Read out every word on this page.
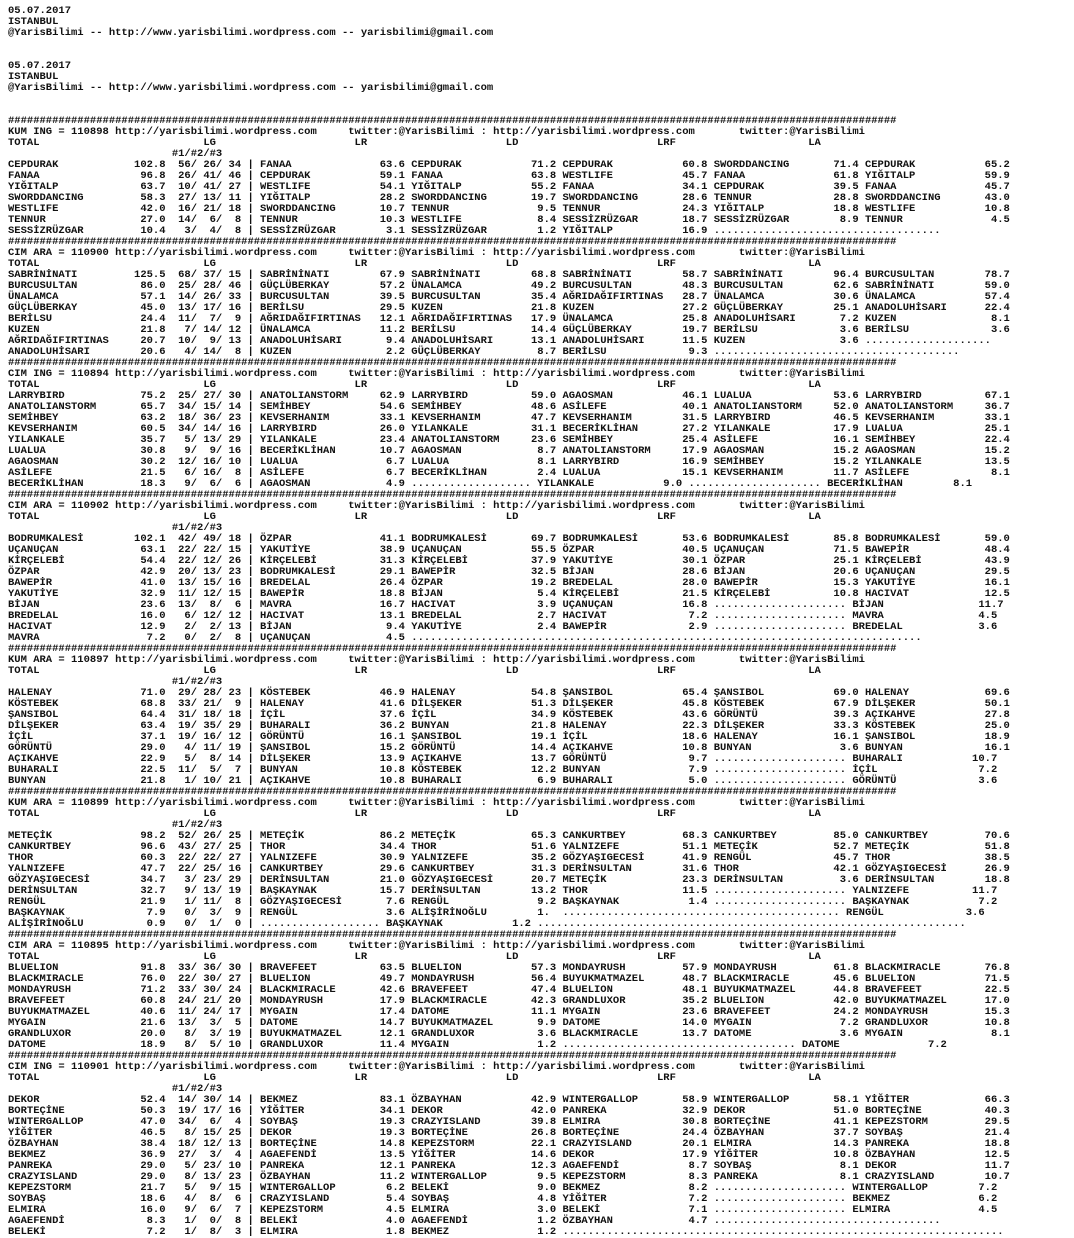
05.07.2017
ISTANBUL
@YarisBilimi -- http://www.yarisbilimi.wordpress.com -- yarisbilimi@gmail.com

05.07.2017
ISTANBUL
@YarisBilimi -- http://www.yarisbilimi.wordpress.com -- yarisbilimi@gmail.com

#############################################################################################################################################
KUM ING = 110898 http://yarisbilimi.wordpress.com     twitter:@YarisBilimi : http://yarisbilimi.wordpress.com       twitter:@YarisBilimi
TOTAL                          LG                      LR                      LD                      LRF                     LA
#1/#2/#3
CEPDURAK            102.8  56/ 26/ 34 | FANAA              63.6 CEPDURAK           71.2 CEPDURAK           60.8 SWORDDANCING       71.4 CEPDURAK           65.2
FANAA                96.8  26/ 41/ 46 | CEPDURAK           59.1 FANAA              63.8 WESTLIFE           45.7 FANAA              61.8 YIĞITALP           59.9
YIĞITALP             63.7  10/ 41/ 27 | WESTLIFE           54.1 YIĞITALP           55.2 FANAA              34.1 CEPDURAK           39.5 FANAA              45.7
SWORDDANCING         58.3  27/ 13/ 11 | YIĞITALP           28.2 SWORDDANCING       19.7 SWORDDANCING       28.6 TENNUR             28.8 SWORDDANCING       43.0
WESTLIFE             42.0  16/ 21/ 18 | SWORDDANCING       10.7 TENNUR              9.5 TENNUR             24.3 YIĞITALP           18.8 WESTLIFE           10.8
TENNUR               27.0  14/  6/  8 | TENNUR             10.3 WESTLIFE            8.4 SESSİZRÜZGAR       18.7 SESSİZRÜZGAR        8.9 TENNUR              4.5
SESSİZRÜZGAR         10.4   3/  4/  8 | SESSİZRÜZGAR        3.1 SESSİZRÜZGAR        1.2 YIĞITALP           16.9 ....................................
#############################################################################################################################################
CIM ARA = 110900 http://yarisbilimi.wordpress.com     twitter:@YarisBilimi : http://yarisbilimi.wordpress.com       twitter:@YarisBilimi
TOTAL                          LG                      LR                      LD                      LRF                     LA
SABRİNİNATI         125.5  68/ 37/ 15 | SABRİNİNATI        67.9 SABRİNİNATI        68.8 SABRİNİNATI        58.7 SABRİNİNATI        96.4 BURCUSULTAN        78.7
BURCUSULTAN          86.0  25/ 28/ 46 | GÜÇLÜBERKAY        57.2 ÜNALAMCA           49.2 BURCUSULTAN        48.3 BURCUSULTAN        62.6 SABRİNİNATI        59.0
ÜNALAMCA             57.1  14/ 26/ 33 | BURCUSULTAN        39.5 BURCUSULTAN        35.4 AĞRIDAĞIFIRTINAS   28.7 ÜNALAMCA           30.6 ÜNALAMCA           57.4
GÜÇLÜBERKAY          45.0  13/ 17/ 16 | BERİLSU            29.5 KUZEN              21.8 KUZEN              27.2 GÜÇLÜBERKAY        25.1 ANADOLUHİSARI      22.4
BERİLSU              24.4  11/  7/  9 | AĞRIDAĞIFIRTINAS   12.1 AĞRIDAĞIFIRTINAS   17.9 ÜNALAMCA           25.8 ANADOLUHİSARI       7.2 KUZEN               8.1
KUZEN                21.8   7/ 14/ 12 | ÜNALAMCA           11.2 BERİLSU            14.4 GÜÇLÜBERKAY        19.7 BERİLSU             3.6 BERİLSU             3.6
AĞRIDAĞIFIRTINAS     20.7  10/  9/ 13 | ANADOLUHİSARI       9.4 ANADOLUHİSARI      13.1 ANADOLUHİSARI      11.5 KUZEN               3.6 ....................
ANADOLUHİSARI        20.6   4/ 14/  8 | KUZEN               2.2 GÜÇLÜBERKAY         8.7 BERİLSU             9.3 .......................................
#############################################################################################################################################
CIM ING = 110894 http://yarisbilimi.wordpress.com     twitter:@YarisBilimi : http://yarisbilimi.wordpress.com       twitter:@YarisBilimi
TOTAL                          LG                      LR                      LD                      LRF                     LA
LARRYBIRD            75.2  25/ 27/ 30 | ANATOLIANSTORM     62.9 LARRYBIRD          59.0 AGAOSMAN           46.1 LUALUA             53.6 LARRYBIRD          67.1
ANATOLIANSTORM       65.7  34/ 15/ 14 | SEMİHBEY           54.6 SEMİHBEY           48.6 ASİLEFE            40.1 ANATOLIANSTORM     52.0 ANATOLIANSTORM     36.7
SEMİHBEY             63.2  18/ 36/ 23 | KEVSERHANIM        33.1 KEVSERHANIM        47.7 KEVSERHANIM        31.5 LARRYBIRD          46.5 KEVSERHANIM        33.1
KEVSERHANIM          60.5  34/ 14/ 16 | LARRYBIRD          26.0 YILANKALE          31.1 BECERİKLİHAN       27.2 YILANKALE          17.9 LUALUA             25.1
YILANKALE            35.7   5/ 13/ 29 | YILANKALE          23.4 ANATOLIANSTORM     23.6 SEMİHBEY           25.4 ASİLEFE            16.1 SEMİHBEY           22.4
LUALUA               30.8   9/  9/ 16 | BECERİKLİHAN       10.7 AGAOSMAN            8.7 ANATOLIANSTORM     17.9 AGAOSMAN           15.2 AGAOSMAN           15.2
AGAOSMAN             30.2  12/ 16/ 10 | LUALUA              6.7 LUALUA              8.1 LARRYBIRD          16.9 SEMİHBEY           15.2 YILANKALE          13.5
ASİLEFE              21.5   6/ 16/  8 | ASİLEFE             6.7 BECERİKLİHAN        2.4 LUALUA             15.1 KEVSERHANIM        11.7 ASİLEFE             8.1
BECERİKLİHAN         18.3   9/  6/  6 | AGAOSMAN            4.9 ................... YILANKALE           9.0 ..................... BECERİKLİHAN        8.1
#############################################################################################################################################
CIM ARA = 110902 http://yarisbilimi.wordpress.com     twitter:@YarisBilimi : http://yarisbilimi.wordpress.com       twitter:@YarisBilimi
TOTAL                          LG                      LR                      LD                      LRF                     LA
#1/#2/#3
BODRUMKALESİ        102.1  42/ 49/ 18 | ÖZPAR              41.1 BODRUMKALESİ       69.7 BODRUMKALESİ       53.6 BODRUMKALESİ       85.8 BODRUMKALESİ       59.0
UÇANUÇAN             63.1  22/ 22/ 15 | YAKUTİYE           38.9 UÇANUÇAN           55.5 ÖZPAR              40.5 UÇANUÇAN           71.5 BAWEPİR            48.4
KİRÇELEBİ            54.4  22/ 12/ 26 | KİRÇELEBİ          31.3 KİRÇELEBİ          37.9 YAKUTİYE           30.1 ÖZPAR              25.1 KİRÇELEBİ          43.9
ÖZPAR                42.9  20/ 13/ 23 | BODRUMKALESİ       29.1 BAWEPİR            32.5 BİJAN              28.6 BİJAN              20.6 UÇANUÇAN           29.5
BAWEPİR              41.0  13/ 15/ 16 | BREDELAL           26.4 ÖZPAR              19.2 BREDELAL           28.0 BAWEPİR            15.3 YAKUTİYE           16.1
YAKUTİYE             32.9  11/ 12/ 15 | BAWEPİR            18.8 BİJAN               5.4 KİRÇELEBİ          21.5 KİRÇELEBİ          10.8 HACIVAT            12.5
BİJAN                23.6  13/  8/  6 | MAVRA              16.7 HACIVAT             3.9 UÇANUÇAN           16.8 ..................... BİJAN               11.7
BREDELAL             16.0   6/ 12/ 12 | HACIVAT            13.1 BREDELAL            2.7 HACIVAT             7.2 ..................... MAVRA               4.5
HACIVAT              12.9   2/  2/ 13 | BİJAN               9.4 YAKUTİYE            2.4 BAWEPİR             2.9 ..................... BREDELAL            3.6
MAVRA                 7.2   0/  2/  8 | UÇANUÇAN            4.5 .................................................................................
#############################################################################################################################################
KUM ARA = 110897 http://yarisbilimi.wordpress.com     twitter:@YarisBilimi : http://yarisbilimi.wordpress.com       twitter:@YarisBilimi
TOTAL                          LG                      LR                      LD                      LRF                     LA
#1/#2/#3
HALENAY              71.0  29/ 28/ 23 | KÖSTEBEK           46.9 HALENAY            54.8 ŞANSIBOL           65.4 ŞANSIBOL           69.0 HALENAY            69.6
KÖSTEBEK             68.8  33/ 21/  9 | HALENAY            41.6 DİLŞEKER           51.3 DİLŞEKER           45.8 KÖSTEBEK           67.9 DİLŞEKER           50.1
ŞANSIBOL             64.4  31/ 18/ 18 | İÇİL               37.6 İÇİL               34.9 KÖSTEBEK           43.6 GÖRÜNTÜ            39.3 AÇIKAHVE           27.8
DİLŞEKER             63.4  19/ 35/ 29 | BUHARALI           36.2 BUNYAN             21.8 HALENAY            22.3 DİLŞEKER           33.3 KÖSTEBEK           25.0
İÇİL                 37.1  19/ 16/ 12 | GÖRÜNTÜ            16.1 ŞANSIBOL           19.1 İÇİL               18.6 HALENAY            16.1 ŞANSIBOL           18.9
GÖRÜNTÜ              29.0   4/ 11/ 19 | ŞANSIBOL           15.2 GÖRÜNTÜ            14.4 AÇIKAHVE           10.8 BUNYAN              3.6 BUNYAN             16.1
AÇIKAHVE             22.9   5/  8/ 14 | DİLŞEKER           13.9 AÇIKAHVE           13.7 GÖRÜNTÜ             9.7 ..................... BUHARALI           10.7
BUHARALI             22.5  11/  5/  7 | BUNYAN             10.8 KÖSTEBEK           12.2 BUNYAN              7.9 ..................... İÇİL                7.2
BUNYAN               21.8   1/ 10/ 21 | AÇIKAHVE           10.8 BUHARALI            6.9 BUHARALI            5.0 ..................... GÖRÜNTÜ             3.6
#############################################################################################################################################
KUM ARA = 110899 http://yarisbilimi.wordpress.com     twitter:@YarisBilimi : http://yarisbilimi.wordpress.com       twitter:@YarisBilimi
TOTAL                          LG                      LR                      LD                      LRF                     LA
#1/#2/#3
METEÇİK              98.2  52/ 26/ 25 | METEÇİK            86.2 METEÇİK            65.3 CANKURTBEY         68.3 CANKURTBEY         85.0 CANKURTBEY         70.6
CANKURTBEY           96.6  43/ 27/ 25 | THOR               34.4 THOR               51.6 YALNIZEFE          51.1 METEÇİK            52.7 METEÇİK            51.8
THOR                 60.3  22/ 22/ 27 | YALNIZEFE          30.9 YALNIZEFE          35.2 GÖZYAŞIGECESİ      41.9 RENGÜL             45.7 THOR               38.5
YALNIZEFE            47.7  22/ 25/ 16 | CANKURTBEY         29.6 CANKURTBEY         31.3 DERİNSULTAN        31.6 THOR               42.1 GÖZYAŞIGECESİ      26.9
GÖZYAŞIGECESİ        34.7   3/ 23/ 29 | DERİNSULTAN        21.0 GÖZYAŞIGECESİ      20.7 METEÇİK            23.3 DERİNSULTAN         3.6 DERİNSULTAN        18.8
DERİNSULTAN          32.7   9/ 13/ 19 | BAŞKAYNAK          15.7 DERİNSULTAN        13.2 THOR               11.5 ..................... YALNIZEFE          11.7
RENGÜL               21.9   1/ 11/  8 | GÖZYAŞIGECESİ       7.6 RENGÜL              9.2 BAŞKAYNAK           1.4 ..................... BAŞKAYNAK           7.2
BAŞKAYNAK             7.9   0/  3/  9 | RENGÜL              3.6 ALİŞİRİNOĞLU        1.  ............................................ RENGÜL             3.6
ALİŞİRİNOĞLU          0.9   0/  1/  0 | ................... BAŞKAYNAK           1.2 ....................................................................
#############################################################################################################################################
CIM ARA = 110895 http://yarisbilimi.wordpress.com     twitter:@YarisBilimi : http://yarisbilimi.wordpress.com       twitter:@YarisBilimi
TOTAL                          LG                      LR                      LD                      LRF                     LA
BLUELION             91.8  33/ 36/ 30 | BRAVEFEET          63.5 BLUELION           57.3 MONDAYRUSH         57.9 MONDAYRUSH         61.8 BLACKMIRACLE       76.8
BLACKMIRACLE         76.0  22/ 30/ 27 | BLUELION           49.7 MONDAYRUSH         56.4 BUYUKMATMAZEL      48.7 BLACKMIRACLE       45.6 BLUELION           71.5
MONDAYRUSH           71.2  33/ 30/ 24 | BLACKMIRACLE       42.6 BRAVEFEET          47.4 BLUELION           48.1 BUYUKMATMAZEL      44.8 BRAVEFEET          22.5
BRAVEFEET            60.8  24/ 21/ 20 | MONDAYRUSH         17.9 BLACKMIRACLE       42.3 GRANDLUXOR         35.2 BLUELION           42.0 BUYUKMATMAZEL      17.0
BUYUKMATMAZEL        40.6  11/ 24/ 17 | MYGAIN             17.4 DATOME             11.1 MYGAIN             23.6 BRAVEFEET          24.2 MONDAYRUSH         15.3
MYGAIN               21.6  13/  3/  5 | DATOME             14.7 BUYUKMATMAZEL       9.9 DATOME             14.0 MYGAIN              7.2 GRANDLUXOR         10.8
GRANDLUXOR           20.0   8/  3/ 19 | BUYUKMATMAZEL      12.1 GRANDLUXOR          3.6 BLACKMIRACLE       13.7 DATOME              3.6 MYGAIN              8.1
DATOME               18.9   8/  5/ 10 | GRANDLUXOR         11.4 MYGAIN              1.2 ..................................... DATOME              7.2
#############################################################################################################################################
CIM ING = 110901 http://yarisbilimi.wordpress.com     twitter:@YarisBilimi : http://yarisbilimi.wordpress.com       twitter:@YarisBilimi
TOTAL                          LG                      LR                      LD                      LRF                     LA
#1/#2/#3
DEKOR                52.4  14/ 30/ 14 | BEKMEZ             83.1 ÖZBAYHAN           42.9 WINTERGALLOP       58.9 WINTERGALLOP       58.1 YİĞİTER            66.3
BORTEÇİNE            50.3  19/ 17/ 16 | YİĞİTER            34.1 DEKOR              42.0 PANREKA            32.9 DEKOR              51.0 BORTEÇİNE          40.3
WINTERGALLOP         47.0  34/  6/  4 | SOYBAŞ             19.3 CRAZYISLAND        39.8 ELMIRA             30.8 BORTEÇİNE          41.1 KEPEZSTORM         29.5
YİĞİTER              46.5   8/ 15/ 25 | DEKOR              19.3 BORTEÇİNE          26.8 BORTEÇİNE          24.4 ÖZBAYHAN           37.7 SOYBAŞ             21.4
ÖZBAYHAN             38.4  18/ 12/ 13 | BORTEÇİNE          14.8 KEPEZSTORM         22.1 CRAZYISLAND        20.1 ELMIRA             14.3 PANREKA            18.8
BEKMEZ               36.9  27/  3/  4 | AGAEFENDİ          13.5 YİĞİTER            14.6 DEKOR              17.9 YİĞİTER            10.8 ÖZBAYHAN           12.5
PANREKA              29.0   5/ 23/ 10 | PANREKA            12.1 PANREKA            12.3 AGAEFENDİ           8.7 SOYBAŞ              8.1 DEKOR              11.7
CRAZYISLAND          29.0   8/ 13/ 23 | ÖZBAYHAN           11.2 WINTERGALLOP        9.5 KEPEZSTORM          8.3 PANREKA             8.1 CRAZYISLAND        10.7
KEPEZSTORM           21.7   5/  9/ 15 | WINTERGALLOP        6.2 BELEKİ              9.0 BEKMEZ              8.2 ..................... WINTERGALLOP        7.2
SOYBAŞ               18.6   4/  8/  6 | CRAZYISLAND         5.4 SOYBAŞ              4.8 YİĞİTER             7.2 ..................... BEKMEZ              6.2
ELMIRA               16.0   9/  6/  7 | KEPEZSTORM          4.5 ELMIRA              3.0 BELEKİ              7.1 ..................... ELMIRA              4.5
AGAEFENDİ             8.3   1/  0/  8 | BELEKİ              4.0 AGAEFENDİ           1.2 ÖZBAYHAN            4.7 ....................................
BELEKİ                7.2   1/  8/  3 | ELMIRA              1.8 BEKMEZ              1.2 ......................................................................
